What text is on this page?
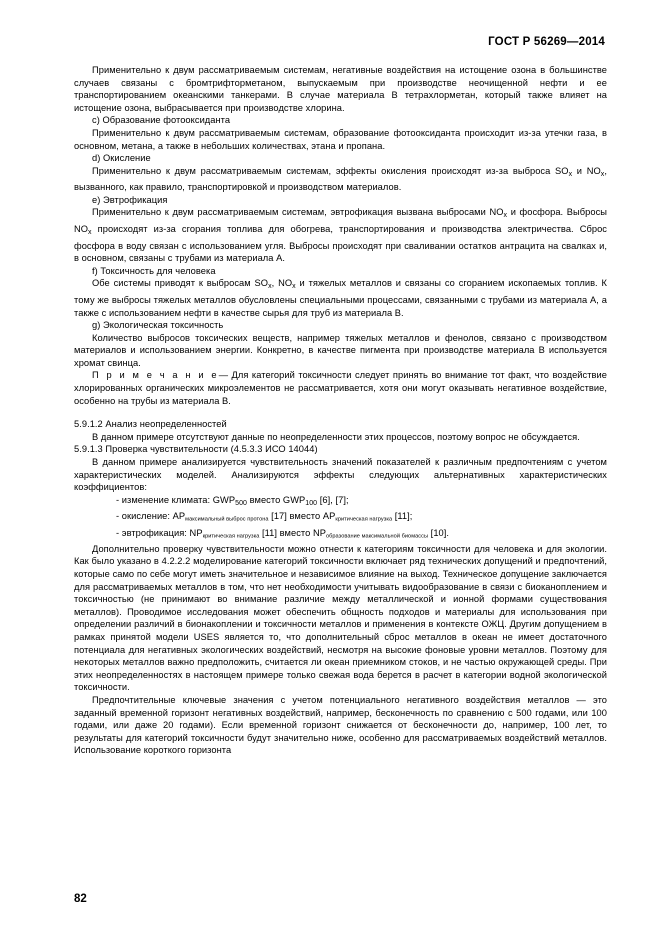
ГОСТ Р 56269—2014

Применительно к двум рассматриваемым системам, негативные воздействия на истощение озона в большинстве случаев связаны с бромтрифторметаном, выпускаемым при производстве неочищенной нефти и ее транспортированием океанскими танкерами. В случае материала В тетрахлорметан, который также влияет на истощение озона, выбрасывается при производстве хлорина.

c) Образование фотооксиданта

Применительно к двум рассматриваемым системам, образование фотооксиданта происходит из-за утечки газа, в основном, метана, а также в небольших количествах, этана и пропана.

d) Окисление

Применительно к двум рассматриваемым системам, эффекты окисления происходят из-за выброса $SO_х$ и $NO_х$, вызванного, как правило, транспортировкой и производством материалов.

e) Эвтрофикация

Применительно к двум рассматриваемым системам, эвтрофикация вызвана выбросами $NO_х$ и фосфора. Выбросы $NO_х$ происходят из-за сгорания топлива для обогрева, транспортирования и производства электричества. Сброс фосфора в воду связан с использованием угля. Выбросы происходят при сваливании остатков антрацита на свалках и, в основном, связаны с трубами из материала А.

f) Токсичность для человека

Обе системы приводят к выбросам $SO_х$, $NO_х$ и тяжелых металлов и связаны со сгоранием ископаемых топлив. К тому же выбросы тяжелых металлов обусловлены специальными процессами, связанными с трубами из материала А, а также с использованием нефти в качестве сырья для труб из материала В.

g) Экологическая токсичность

Количество выбросов токсических веществ, например тяжелых металлов и фенолов, связано с производством материалов и использованием энергии. Конкретно, в качестве пигмента при производстве материала В используется хромат свинца.

П р и м е ч а н и е— Для категорий токсичности следует принять во внимание тот факт, что воздействие хлорированных органических микроэлементов не рассматривается, хотя они могут оказывать негативное воздействие, особенно на трубы из материала В.

5.9.1.2 Анализ неопределенностей

В данном примере отсутствуют данные по неопределенности этих процессов, поэтому вопрос не обсуждается.

5.9.1.3 Проверка чувствительности (4.5.3.3 ИСО 14044)

В данном примере анализируется чувствительность значений показателей к различным предпочтениям с учетом характеристических моделей. Анализируются эффекты следующих альтернативных характеристических коэффициентов:

- изменение климата: $GWP_{500}$ вместо $GWP_{100}$ [6], [7];

- окисление: $AP_{максимальный выброс протона}$ [17] вместо $AP_{критическая нагрузка}$ [11];

- эвтрофикация: $NP_{критическая нагрузка}$ [11] вместо $NP_{образование максимальной биомассы}$ [10].

Дополнительно проверку чувствительности можно отнести к категориям токсичности для человека и для экологии. Как было указано в 4.2.2.2 моделирование категорий токсичности включает ряд технических допущений и предпочтений, которые само по себе могут иметь значительное и независимое влияние на выход. Техническое допущение заключается для рассматриваемых металлов в том, что нет необходимости учитывать видообразование в связи с биоканоплением и токсичностью (не принимают во внимание различие между металлической и ионной формами существования металлов). Проводимое исследования может обеспечить общность подходов и материалы для использования при определении различий в бионакоплении и токсичности металлов и применения в контексте ОЖЦ. Другим допущением в рамках принятой модели USES является то, что дополнительный сброс металлов в океан не имеет достаточного потенциала для негативных экологических воздействий, несмотря на высокие фоновые уровни металлов. Поэтому для некоторых металлов важно предположить, считается ли океан приемником стоков, и не частью окружающей среды. При этих неопределенностях в настоящем примере только свежая вода берется в расчет в категории водной экологической токсичности.

Предпочтительные ключевые значения с учетом потенциального негативного воздействия металлов — это заданный временной горизонт негативных воздействий, например, бесконечность по сравнению с 500 годами, или 100 годами, или даже 20 годами). Если временной горизонт снижается от бесконечности до, например, 100 лет, то результаты для категорий токсичности будут значительно ниже, особенно для рассматриваемых воздействий металлов. Использование короткого горизонта

82
